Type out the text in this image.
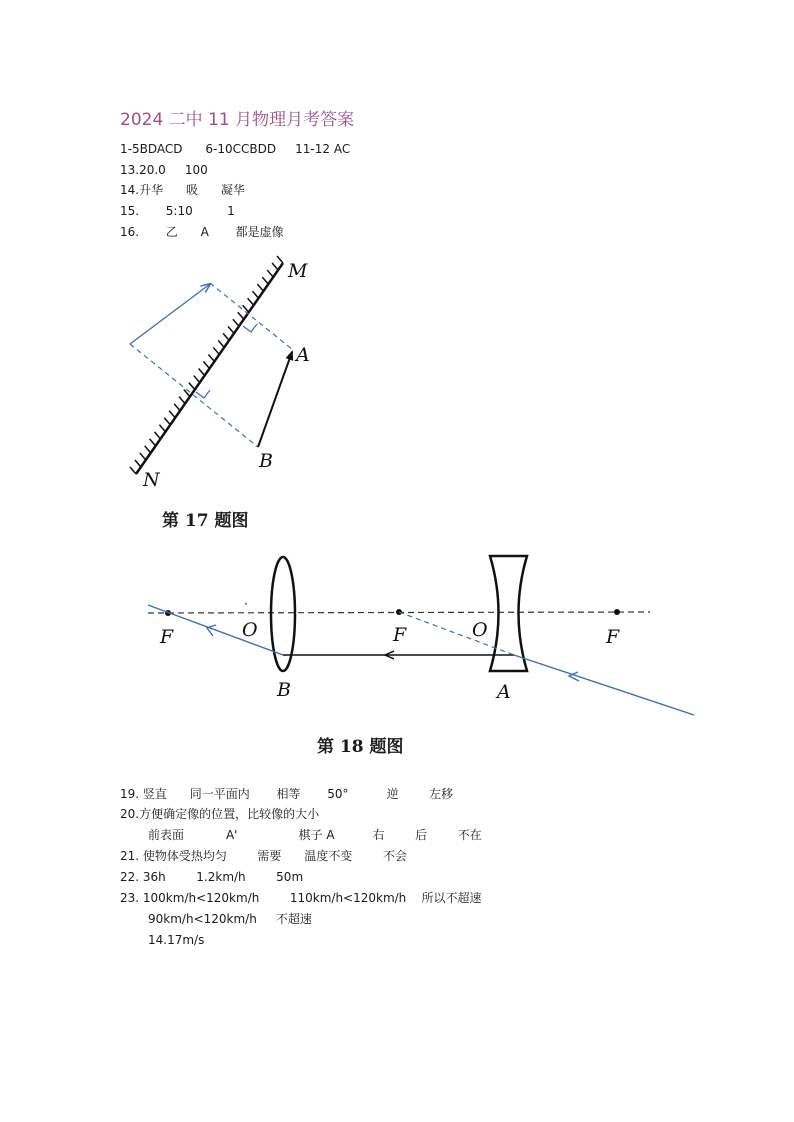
2024 二中 11 月物理月考答案
1-5BDACD      6-10CCBDD     11-12 AC
13.20.0     100
14.升华      吸      凝华
15.       5:10         1
16.       乙      A       都是虚像
M
N
A
B
·
F	O	F	O	F
B	A
第 17 题图
第 18 题图
19. 竖直      同一平面内       相等       50°          逆        左移
20.方便确定像的位置，比较像的大小
前表面           A'                棋子 A          右        后        不在
21. 使物体受热均匀        需要      温度不变        不会
22. 36h        1.2km/h        50m
23. 100km/h<120km/h        110km/h<120km/h    所以不超速
90km/h<120km/h     不超速
14.17m/s
